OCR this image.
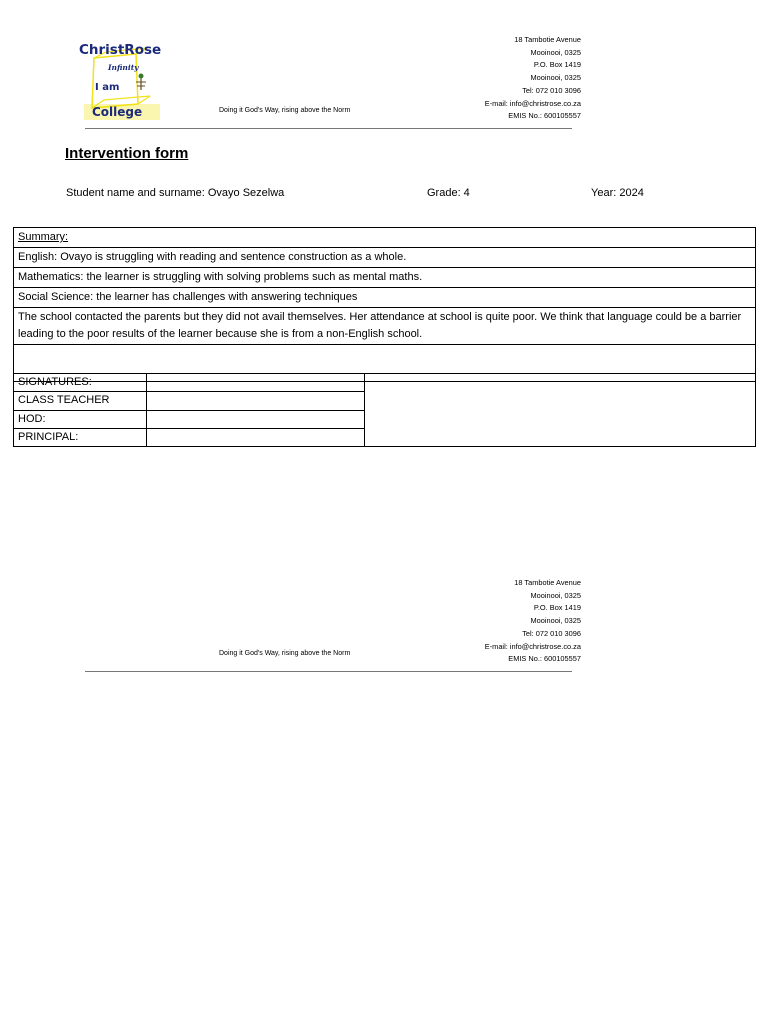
ChristRose
Infinity
I am
College	Doing it God's Way, rising above the Norm
18 Tambotie Avenue
Mooinooi, 0325
P.O. Box 1419
Mooinooi, 0325
Tel: 072 010 3096
E-mail: info@christrose.co.za
EMIS No.: 600105557
Intervention form
Student name and surname: Ovayo Sezelwa	Grade: 4	Year: 2024
Summary:
English: Ovayo is struggling with reading and sentence construction as a whole.
Mathematics: the learner is struggling with solving problems such as mental maths.
Social Science: the learner has challenges with answering techniques
The school contacted the parents but they did not avail themselves. Her attendance at school is quite poor. We think that language could be a barrier leading to the poor results of the learner because she is from a non-English school.

SIGNATURES:		
CLASS TEACHER		
HOD:		
PRINCIPAL:		
Doing it God's Way, rising above the Norm
18 Tambotie Avenue
Mooinooi, 0325
P.O. Box 1419
Mooinooi, 0325
Tel: 072 010 3096
E-mail: info@christrose.co.za
EMIS No.: 600105557
